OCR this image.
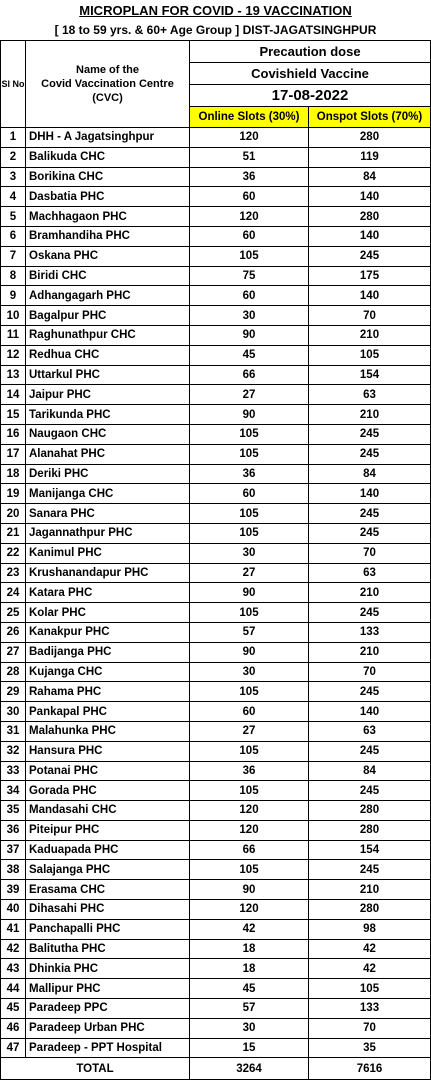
MICROPLAN FOR COVID - 19 VACCINATION
[ 18 to 59 yrs. & 60+ Age Group ] DIST-JAGATSINGHPUR
Sl No	Name of the
Covid Vaccination Centre
(CVC)	Precaution dose	
		Covishield Vaccine	
		17-08-2022	
		Online Slots (30%)	Onspot Slots (70%)
1	DHH - A Jagatsinghpur	120	280
2	Balikuda CHC	51	119
3	Borikina CHC	36	84
4	Dasbatia PHC	60	140
5	Machhagaon PHC	120	280
6	Bramhandiha PHC	60	140
7	Oskana PHC	105	245
8	Biridi CHC	75	175
9	Adhangagarh PHC	60	140
10	Bagalpur PHC	30	70
11	Raghunathpur CHC	90	210
12	Redhua CHC	45	105
13	Uttarkul PHC	66	154
14	Jaipur PHC	27	63
15	Tarikunda PHC	90	210
16	Naugaon CHC	105	245
17	Alanahat PHC	105	245
18	Deriki PHC	36	84
19	Manijanga CHC	60	140
20	Sanara PHC	105	245
21	Jagannathpur PHC	105	245
22	Kanimul PHC	30	70
23	Krushanandapur PHC	27	63
24	Katara PHC	90	210
25	Kolar PHC	105	245
26	Kanakpur PHC	57	133
27	Badijanga PHC	90	210
28	Kujanga CHC	30	70
29	Rahama PHC	105	245
30	Pankapal PHC	60	140
31	Malahunka PHC	27	63
32	Hansura PHC	105	245
33	Potanai PHC	36	84
34	Gorada PHC	105	245
35	Mandasahi CHC	120	280
36	Piteipur PHC	120	280
37	Kaduapada PHC	66	154
38	Salajanga PHC	105	245
39	Erasama CHC	90	210
40	Dihasahi PHC	120	280
41	Panchapalli PHC	42	98
42	Balitutha PHC	18	42
43	Dhinkia PHC	18	42
44	Mallipur PHC	45	105
45	Paradeep PPC	57	133
46	Paradeep Urban PHC	30	70
47	Paradeep - PPT Hospital	15	35
TOTAL		3264	7616
